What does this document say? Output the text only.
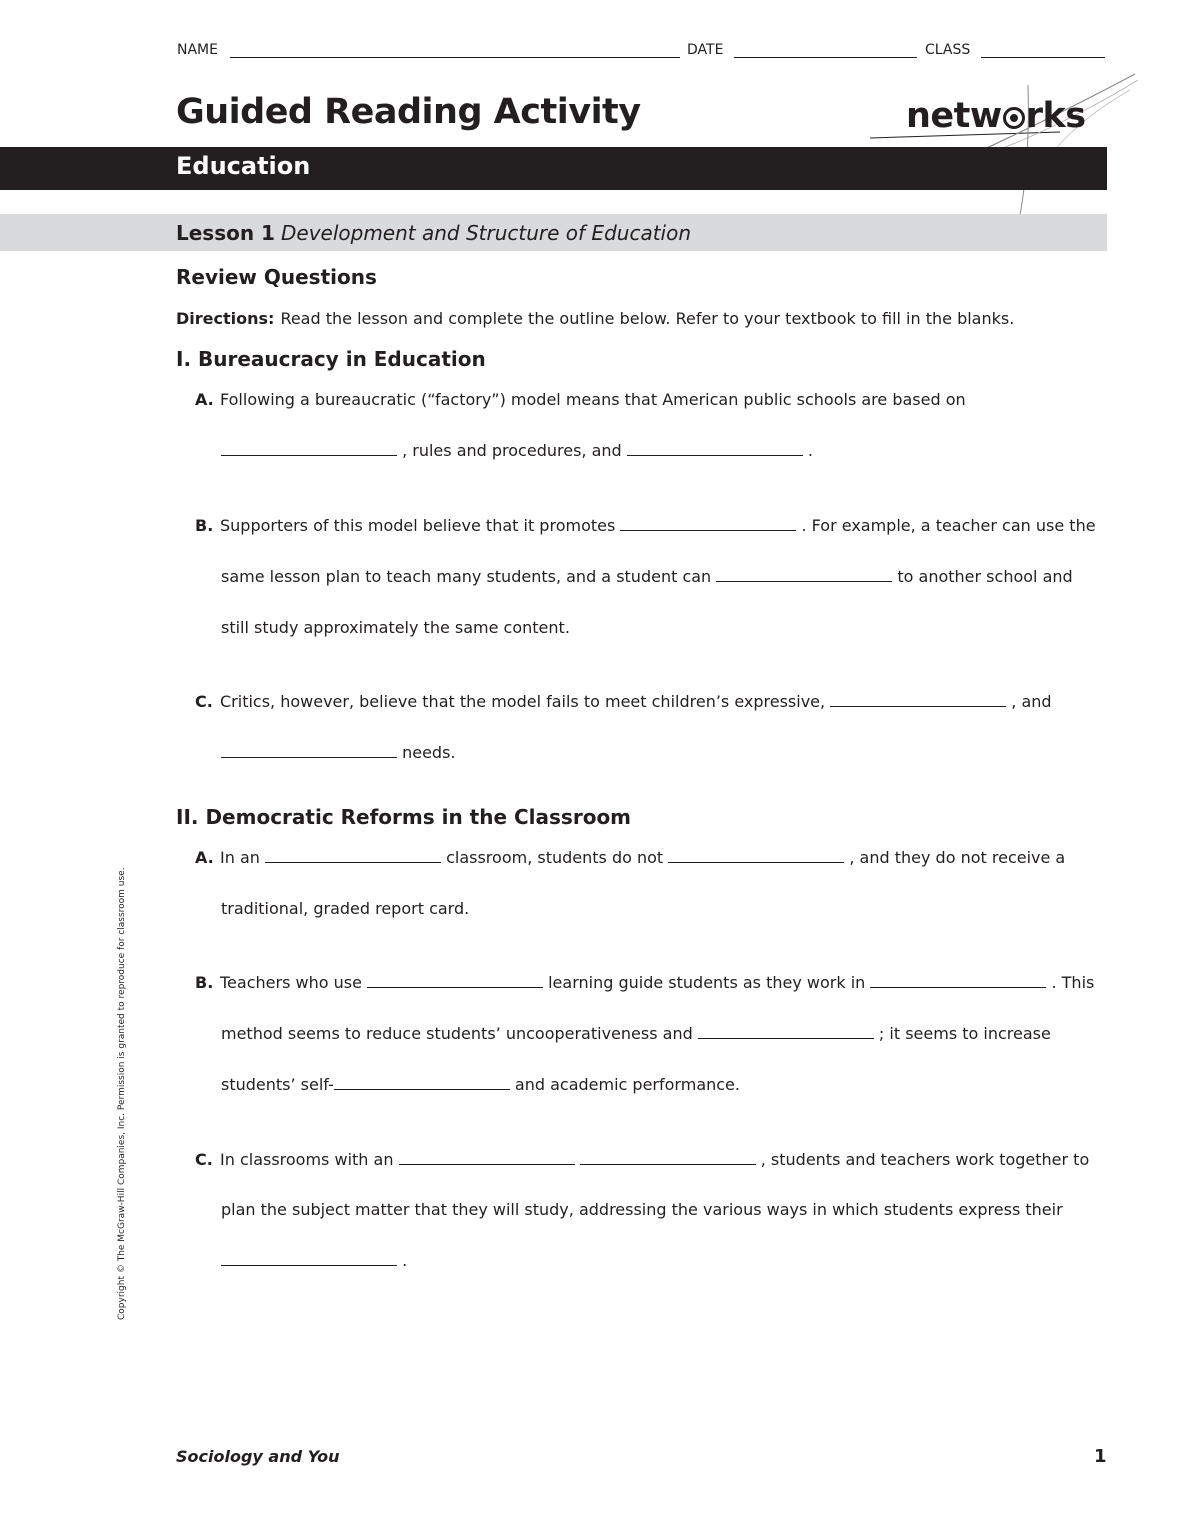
NAME	DATE	CLASS
Guided Reading Activity	netw rks
Education
Lesson 1 Development and Structure of Education
Review Questions
Directions: Read the lesson and complete the outline below. Refer to your textbook to fill in the blanks.
I. Bureaucracy in Education
A. Following a bureaucratic (“factory”) model means that American public schools are based on
, rules and procedures, and	.
B. Supporters of this model believe that it promotes	. For example, a teacher can use the
same lesson plan to teach many students, and a student can	to another school and
still study approximately the same content.
C. Critics, however, believe that the model fails to meet children’s expressive,	, and
needs.
II. Democratic Reforms in the Classroom
A. In an	classroom, students do not	, and they do not receive a
traditional, graded report card.
B. Teachers who use	learning guide students as they work in	. This
method seems to reduce students’ uncooperativeness and	; it seems to increase
students’ self-	and academic performance.
C. In classrooms with an	, students and teachers work together to
plan the subject matter that they will study, addressing the various ways in which students express their
.
Copyright © The McGraw-Hill Companies, Inc. Permission is granted to reproduce for classroom use.
Sociology and You	1
